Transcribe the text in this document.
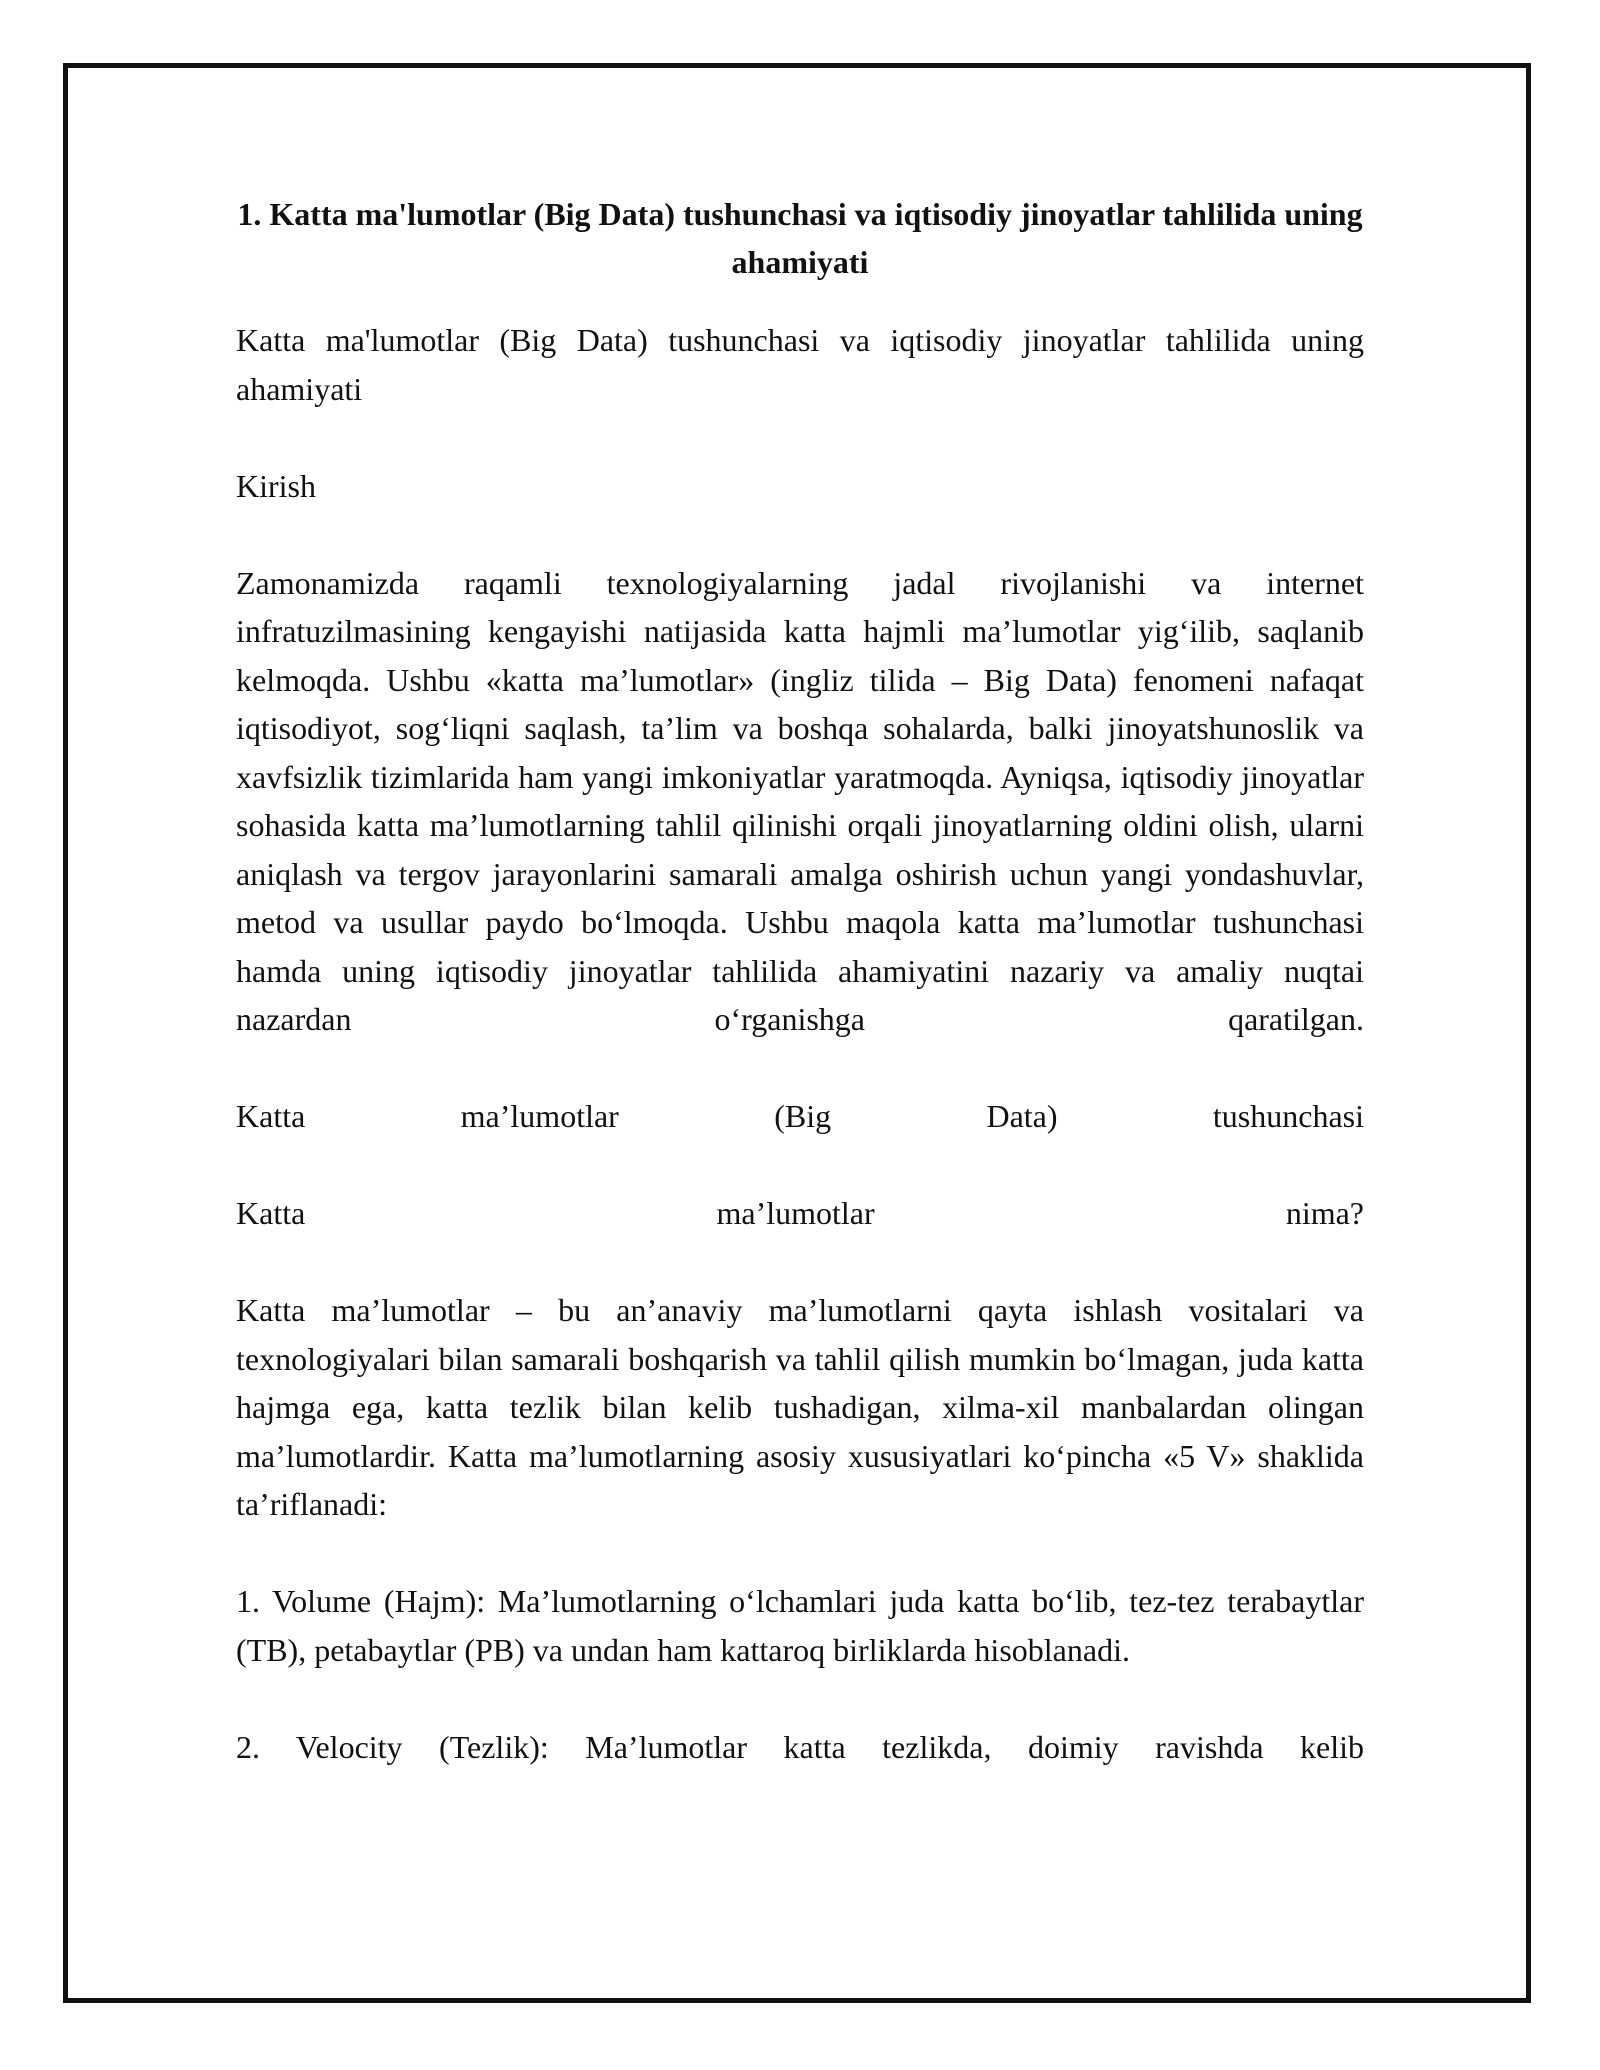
1. Katta ma'lumotlar (Big Data) tushunchasi va iqtisodiy jinoyatlar tahlilida uning ahamiyati

Katta ma'lumotlar (Big Data) tushunchasi va iqtisodiy jinoyatlar tahlilida uning ahamiyati

Kirish

Zamonamizda raqamli texnologiyalarning jadal rivojlanishi va internet infratuzilmasining kengayishi natijasida katta hajmli ma’lumotlar yig‘ilib, saqlanib kelmoqda. Ushbu «katta ma’lumotlar» (ingliz tilida – Big Data) fenomeni nafaqat iqtisodiyot, sog‘liqni saqlash, ta’lim va boshqa sohalarda, balki jinoyatshunoslik va xavfsizlik tizimlarida ham yangi imkoniyatlar yaratmoqda. Ayniqsa, iqtisodiy jinoyatlar sohasida katta ma’lumotlarning tahlil qilinishi orqali jinoyatlarning oldini olish, ularni aniqlash va tergov jarayonlarini samarali amalga oshirish uchun yangi yondashuvlar, metod va usullar paydo bo‘lmoqda. Ushbu maqola katta ma’lumotlar tushunchasi hamda uning iqtisodiy jinoyatlar tahlilida ahamiyatini nazariy va amaliy nuqtai nazardan o‘rganishga qaratilgan.

Katta ma’lumotlar (Big Data) tushunchasi

Katta ma’lumotlar nima?

Katta ma’lumotlar – bu an’anaviy ma’lumotlarni qayta ishlash vositalari va texnologiyalari bilan samarali boshqarish va tahlil qilish mumkin bo‘lmagan, juda katta hajmga ega, katta tezlik bilan kelib tushadigan, xilma-xil manbalardan olingan ma’lumotlardir. Katta ma’lumotlarning asosiy xususiyatlari ko‘pincha «5 V» shaklida ta’riflanadi:

1. Volume (Hajm): Ma’lumotlarning o‘lchamlari juda katta bo‘lib, tez-tez terabaytlar (TB), petabaytlar (PB) va undan ham kattaroq birliklarda hisoblanadi.

2. Velocity (Tezlik): Ma’lumotlar katta tezlikda, doimiy ravishda kelib
